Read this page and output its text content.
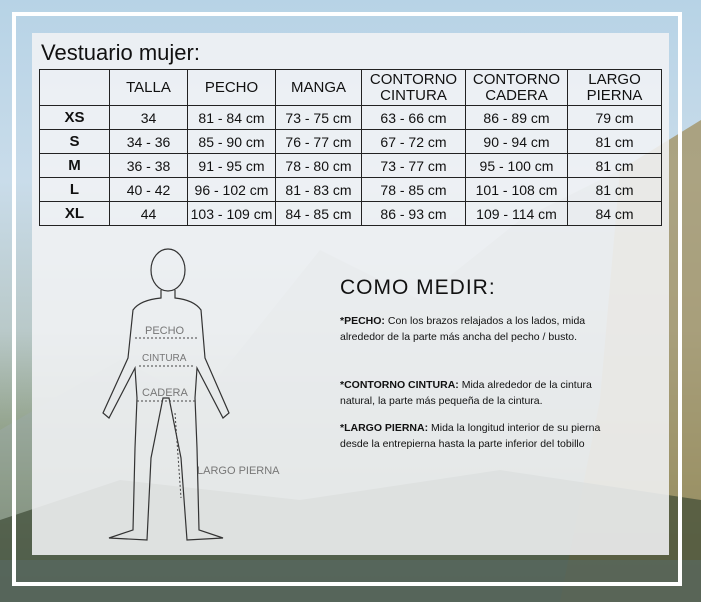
Vestuario mujer:
	TALLA	PECHO	MANGA	CONTORNO CINTURA	CONTORNO CADERA	LARGO PIERNA
XS	34	81 - 84 cm	73 - 75 cm	63 - 66 cm	86 - 89 cm	79 cm
S	34 - 36	85 - 90 cm	76 - 77 cm	67 - 72 cm	90 - 94 cm	81 cm
M	36 - 38	91 - 95 cm	78 - 80 cm	73 - 77 cm	95 - 100 cm	81 cm
L	40 - 42	96 - 102 cm	81 - 83 cm	78 - 85 cm	101 - 108 cm	81 cm
XL	44	103 - 109 cm	84 - 85 cm	86 - 93 cm	109 - 114 cm	84 cm
PECHO
CINTURA
CADERA
LARGO PIERNA
COMO MEDIR:

*PECHO: Con los brazos relajados a los lados, mida alrededor de la parte más ancha del pecho / busto.

*CONTORNO CINTURA: Mida alrededor de la cintura natural, la parte más pequeña de la cintura.

*LARGO PIERNA: Mida la longitud interior de su pierna desde la entrepierna hasta la parte inferior del tobillo
